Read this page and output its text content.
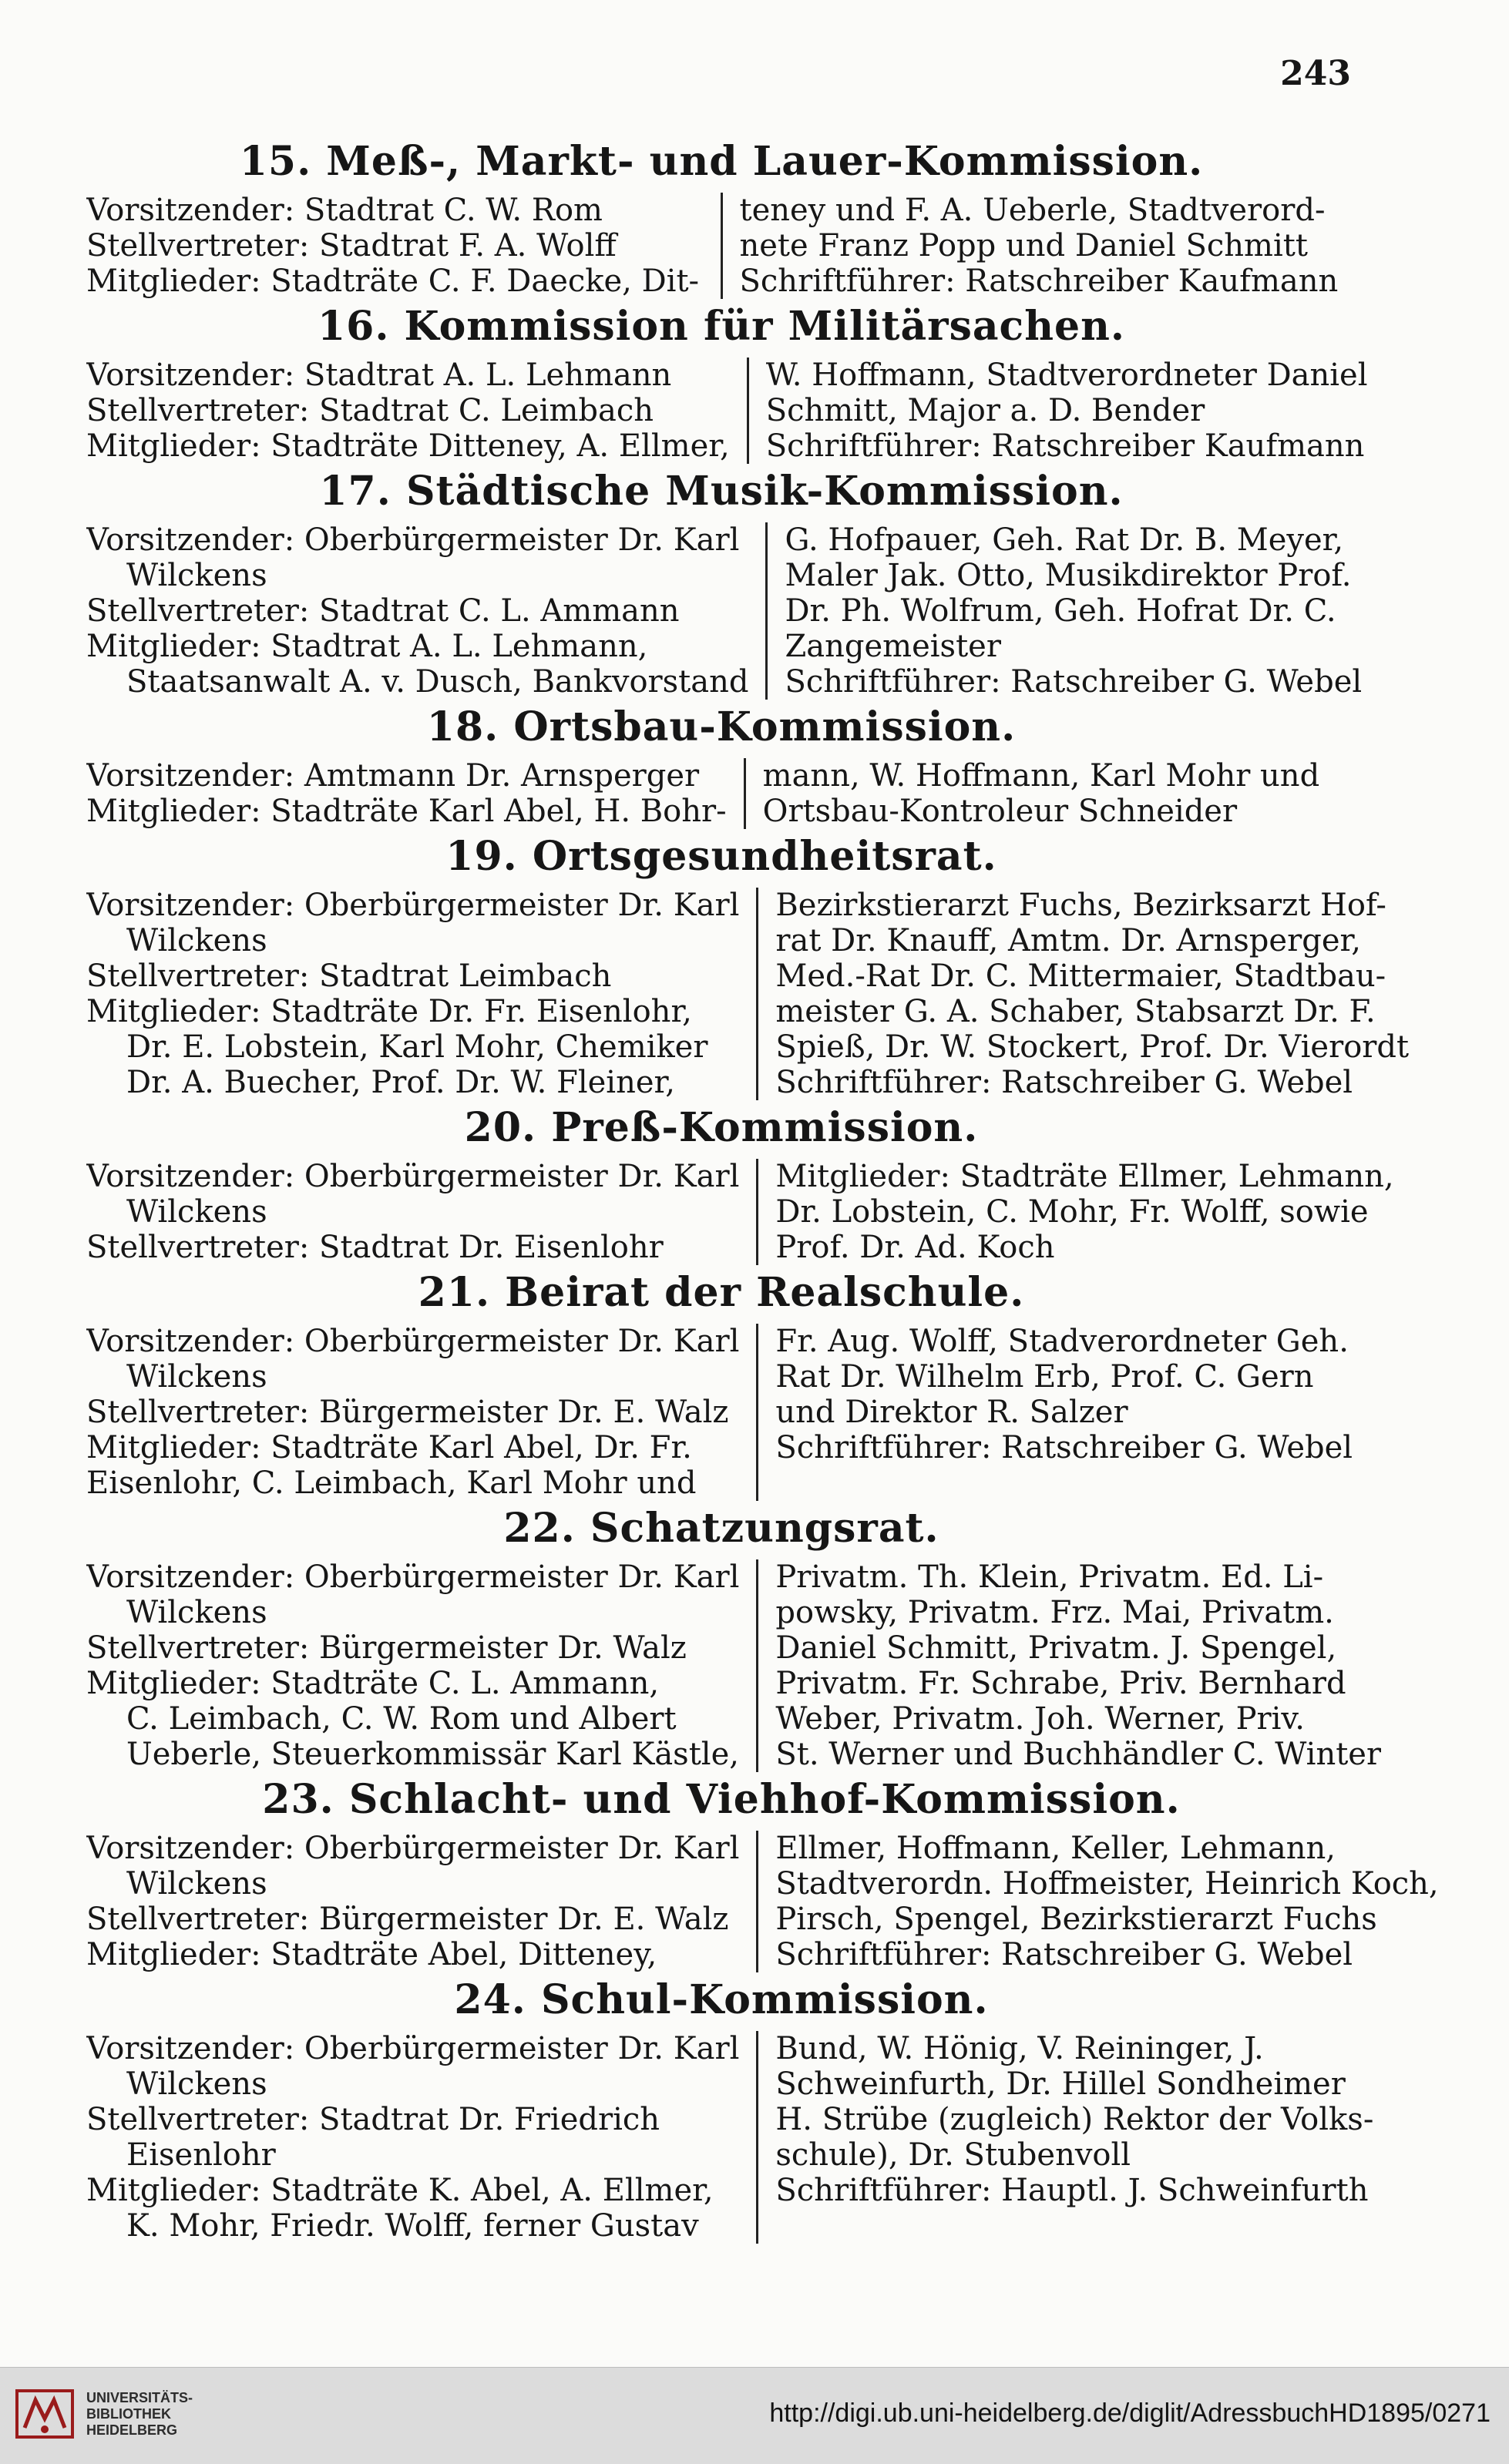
243
15. Meß-, Markt- und Lauer-Kommission.
Vorsitzender: Stadtrat C. W. Rom
Stellvertreter: Stadtrat F. A. Wolff
Mitglieder: Stadträte C. F. Daecke, Dit-
teney und F. A. Ueberle, Stadtverord-
nete Franz Popp und Daniel Schmitt
Schriftführer: Ratschreiber Kaufmann
16. Kommission für Militärsachen.
Vorsitzender: Stadtrat A. L. Lehmann
Stellvertreter: Stadtrat C. Leimbach
Mitglieder: Stadträte Ditteney, A. Ellmer,
W. Hoffmann, Stadtverordneter Daniel
Schmitt, Major a. D. Bender
Schriftführer: Ratschreiber Kaufmann
17. Städtische Musik-Kommission.
Vorsitzender: Oberbürgermeister Dr. Karl
Wilckens
Stellvertreter: Stadtrat C. L. Ammann
Mitglieder: Stadtrat A. L. Lehmann,
Staatsanwalt A. v. Dusch, Bankvorstand
G. Hofpauer, Geh. Rat Dr. B. Meyer,
Maler Jak. Otto, Musikdirektor Prof.
Dr. Ph. Wolfrum, Geh. Hofrat Dr. C.
Zangemeister
Schriftführer: Ratschreiber G. Webel
18. Ortsbau-Kommission.
Vorsitzender: Amtmann Dr. Arnsperger
Mitglieder: Stadträte Karl Abel, H. Bohr-
mann, W. Hoffmann, Karl Mohr und
Ortsbau-Kontroleur Schneider
19. Ortsgesundheitsrat.
Vorsitzender: Oberbürgermeister Dr. Karl
Wilckens
Stellvertreter: Stadtrat Leimbach
Mitglieder: Stadträte Dr. Fr. Eisenlohr,
Dr. E. Lobstein, Karl Mohr, Chemiker
Dr. A. Buecher, Prof. Dr. W. Fleiner,
Bezirkstierarzt Fuchs, Bezirksarzt Hof-
rat Dr. Knauff, Amtm. Dr. Arnsperger,
Med.-Rat Dr. C. Mittermaier, Stadtbau-
meister G. A. Schaber, Stabsarzt Dr. F.
Spieß, Dr. W. Stockert, Prof. Dr. Vierordt
Schriftführer: Ratschreiber G. Webel
20. Preß-Kommission.
Vorsitzender: Oberbürgermeister Dr. Karl
Wilckens
Stellvertreter: Stadtrat Dr. Eisenlohr
Mitglieder: Stadträte Ellmer, Lehmann,
Dr. Lobstein, C. Mohr, Fr. Wolff, sowie
Prof. Dr. Ad. Koch
21. Beirat der Realschule.
Vorsitzender: Oberbürgermeister Dr. Karl
Wilckens
Stellvertreter: Bürgermeister Dr. E. Walz
Mitglieder: Stadträte Karl Abel, Dr. Fr.
Eisenlohr, C. Leimbach, Karl Mohr und
Fr. Aug. Wolff, Stadverordneter Geh.
Rat Dr. Wilhelm Erb, Prof. C. Gern
und Direktor R. Salzer
Schriftführer: Ratschreiber G. Webel
22. Schatzungsrat.
Vorsitzender: Oberbürgermeister Dr. Karl
Wilckens
Stellvertreter: Bürgermeister Dr. Walz
Mitglieder: Stadträte C. L. Ammann,
C. Leimbach, C. W. Rom und Albert
Ueberle, Steuerkommissär Karl Kästle,
Privatm. Th. Klein, Privatm. Ed. Li-
powsky, Privatm. Frz. Mai, Privatm.
Daniel Schmitt, Privatm. J. Spengel,
Privatm. Fr. Schrabe, Priv. Bernhard
Weber, Privatm. Joh. Werner, Priv.
St. Werner und Buchhändler C. Winter
23. Schlacht- und Viehhof-Kommission.
Vorsitzender: Oberbürgermeister Dr. Karl
Wilckens
Stellvertreter: Bürgermeister Dr. E. Walz
Mitglieder: Stadträte Abel, Ditteney,
Ellmer, Hoffmann, Keller, Lehmann,
Stadtverordn. Hoffmeister, Heinrich Koch,
Pirsch, Spengel, Bezirkstierarzt Fuchs
Schriftführer: Ratschreiber G. Webel
24. Schul-Kommission.
Vorsitzender: Oberbürgermeister Dr. Karl
Wilckens
Stellvertreter: Stadtrat Dr. Friedrich
Eisenlohr
Mitglieder: Stadträte K. Abel, A. Ellmer,
K. Mohr, Friedr. Wolff, ferner Gustav
Bund, W. Hönig, V. Reininger, J.
Schweinfurth, Dr. Hillel Sondheimer
H. Strübe (zugleich) Rektor der Volks-
schule), Dr. Stubenvoll
Schriftführer: Hauptl. J. Schweinfurth
UNIVERSITÄTS-
BIBLIOTHEK
HEIDELBERG
http://digi.ub.uni-heidelberg.de/diglit/AdressbuchHD1895/0271
